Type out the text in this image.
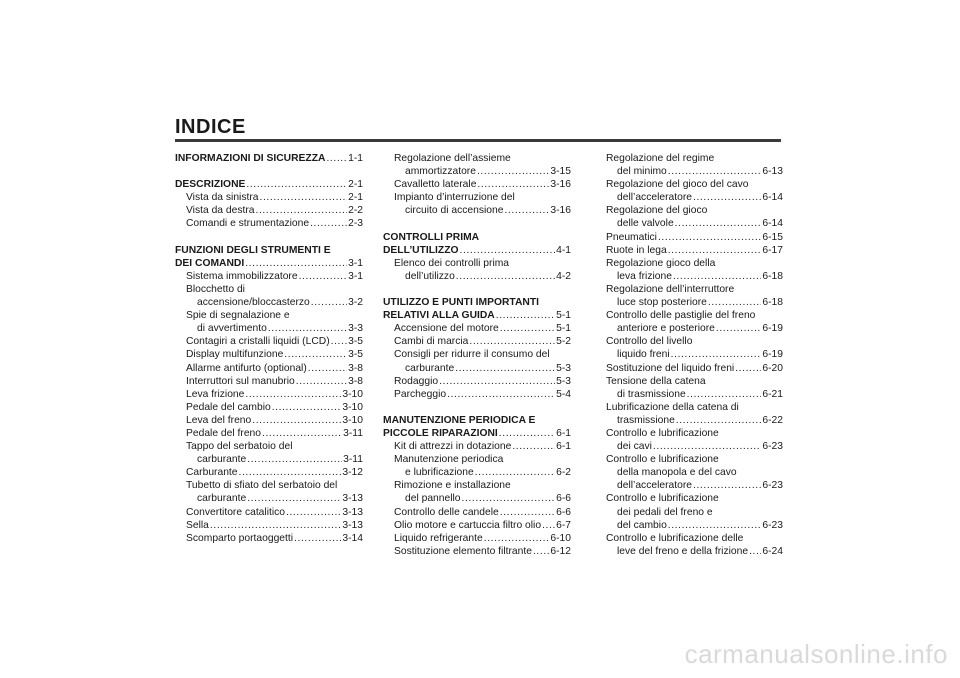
INDICE
INFORMAZIONI DI SICUREZZA ..... 1-1
DESCRIZIONE .....	2-1
Vista da sinistra .....	2-1
Vista da destra .....	2-2
Comandi e strumentazione .....	2-3
FUNZIONI DEGLI STRUMENTI E
DEI COMANDI .....	3-1
Sistema immobilizzatore .....	3-1
Blocchetto di
accensione/bloccasterzo .....	3-2
Spie di segnalazione e
di avvertimento .....	3-3
Contagiri a cristalli liquidi (LCD) ..... 3-5
Display multifunzione .....	3-5
Allarme antifurto (optional) .....	3-8
Interruttori sul manubrio .....	3-8
Leva frizione .....	3-10
Pedale del cambio .....	3-10
Leva del freno .....	3-10
Pedale del freno .....	3-11
Tappo del serbatoio del
carburante .....	3-11
Carburante .....	3-12
Tubetto di sfiato del serbatoio del
carburante .....	3-13
Convertitore catalitico .....	3-13
Sella .....	3-13
Scomparto portaoggetti .....	3-14
Regolazione dell’assieme
ammortizzatore .....	3-15
Cavalletto laterale .....	3-16
Impianto d’interruzione del
circuito di accensione .....	3-16
CONTROLLI PRIMA
DELL’UTILIZZO .....	4-1
Elenco dei controlli prima
dell’utilizzo .....	4-2
UTILIZZO E PUNTI IMPORTANTI
RELATIVI ALLA GUIDA .....	5-1
Accensione del motore .....	5-1
Cambi di marcia .....	5-2
Consigli per ridurre il consumo del
carburante .....	5-3
Rodaggio .....	5-3
Parcheggio .....	5-4
MANUTENZIONE PERIODICA E
PICCOLE RIPARAZIONI .....	6-1
Kit di attrezzi in dotazione .....	6-1
Manutenzione periodica
e lubrificazione .....	6-2
Rimozione e installazione
del pannello .....	6-6
Controllo delle candele .....	6-6
Olio motore e cartuccia filtro olio ..... 6-7
Liquido refrigerante .....	6-10
Sostituzione elemento filtrante ..... 6-12
Regolazione del regime
del minimo .....	6-13
Regolazione del gioco del cavo
dell’acceleratore .....	6-14
Regolazione del gioco
delle valvole .....	6-14
Pneumatici .....	6-15
Ruote in lega .....	6-17
Regolazione gioco della
leva frizione .....	6-18
Regolazione dell’interruttore
luce stop posteriore .....	6-18
Controllo delle pastiglie del freno
anteriore e posteriore .....	6-19
Controllo del livello
liquido freni .....	6-19
Sostituzione del liquido freni .....	6-20
Tensione della catena
di trasmissione .....	6-21
Lubrificazione della catena di
trasmissione .....	6-22
Controllo e lubrificazione
dei cavi .....	6-23
Controllo e lubrificazione
della manopola e del cavo
dell’acceleratore .....	6-23
Controllo e lubrificazione
dei pedali del freno e
del cambio .....	6-23
Controllo e lubrificazione delle
leve del freno e della frizione ..... 6-24
carmanualsonline.info
